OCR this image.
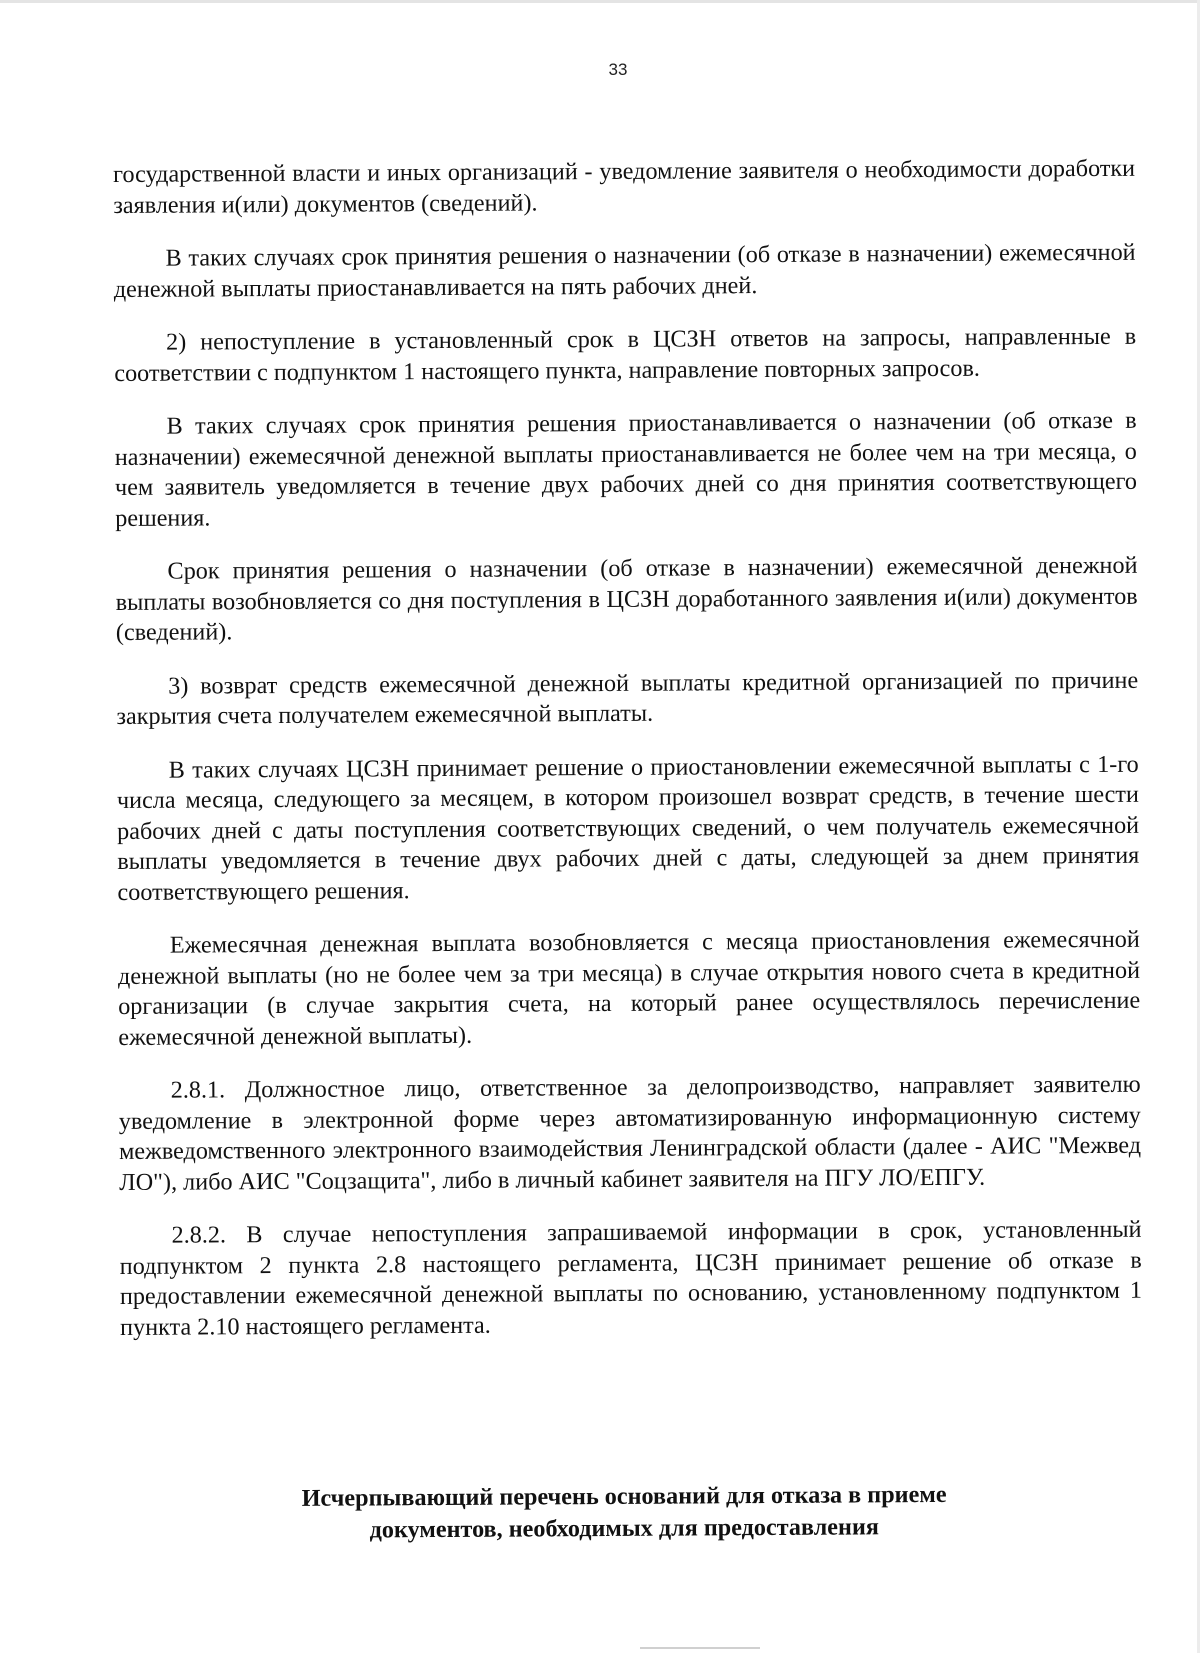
33

государственной власти и иных организаций - уведомление заявителя о необходимости доработки заявления и(или) документов (сведений).

В таких случаях срок принятия решения о назначении (об отказе в назначении) ежемесячной денежной выплаты приостанавливается на пять рабочих дней.

2) непоступление в установленный срок в ЦСЗН ответов на запросы, направленные в соответствии с подпунктом 1 настоящего пункта, направление повторных запросов.

В таких случаях срок принятия решения приостанавливается о назначении (об отказе в назначении) ежемесячной денежной выплаты приостанавливается не более чем на три месяца, о чем заявитель уведомляется в течение двух рабочих дней со дня принятия соответствующего решения.

Срок принятия решения о назначении (об отказе в назначении) ежемесячной денежной выплаты возобновляется со дня поступления в ЦСЗН доработанного заявления и(или) документов (сведений).

3) возврат средств ежемесячной денежной выплаты кредитной организацией по причине закрытия счета получателем ежемесячной выплаты.

В таких случаях ЦСЗН принимает решение о приостановлении ежемесячной выплаты с 1-го числа месяца, следующего за месяцем, в котором произошел возврат средств, в течение шести рабочих дней с даты поступления соответствующих сведений, о чем получатель ежемесячной выплаты уведомляется в течение двух рабочих дней с даты, следующей за днем принятия соответствующего решения.

Ежемесячная денежная выплата возобновляется с месяца приостановления ежемесячной денежной выплаты (но не более чем за три месяца) в случае открытия нового счета в кредитной организации (в случае закрытия счета, на который ранее осуществлялось перечисление ежемесячной денежной выплаты).

2.8.1. Должностное лицо, ответственное за делопроизводство, направляет заявителю уведомление в электронной форме через автоматизированную информационную систему межведомственного электронного взаимодействия Ленинградской области (далее - АИС "Межвед ЛО"), либо АИС "Соцзащита", либо в личный кабинет заявителя на ПГУ ЛО/ЕПГУ.

2.8.2. В случае непоступления запрашиваемой информации в срок, установленный подпунктом 2 пункта 2.8 настоящего регламента, ЦСЗН принимает решение об отказе в предоставлении ежемесячной денежной выплаты по основанию, установленному подпунктом 1 пункта 2.10 настоящего регламента.

Исчерпывающий перечень оснований для отказа в приеме
документов, необходимых для предоставления
